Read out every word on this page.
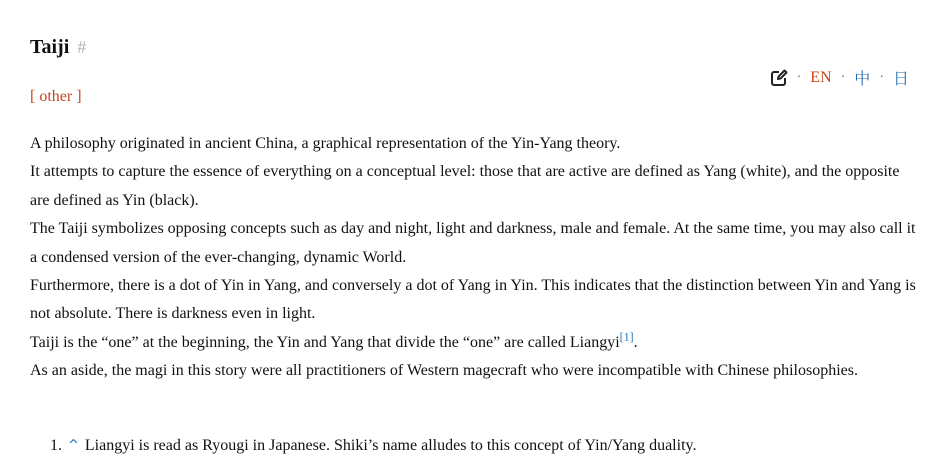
Taiji #
· EN · 中 · 日
[ other ]

A philosophy originated in ancient China, a graphical representation of the Yin-Yang theory.

It attempts to capture the essence of everything on a conceptual level: those that are active are defined as Yang (white), and the opposite are defined as Yin (black).

The Taiji symbolizes opposing concepts such as day and night, light and darkness, male and female. At the same time, you may also call it a condensed version of the ever-changing, dynamic World.

Furthermore, there is a dot of Yin in Yang, and conversely a dot of Yang in Yin. This indicates that the distinction between Yin and Yang is not absolute. There is darkness even in light.

Taiji is the “one” at the beginning, the Yin and Yang that divide the “one” are called Liangyi[1].

As an aside, the magi in this story were all practitioners of Western magecraft who were incompatible with Chinese philosophies.

1. ^ Liangyi is read as Ryougi in Japanese. Shiki’s name alludes to this concept of Yin/Yang duality.
